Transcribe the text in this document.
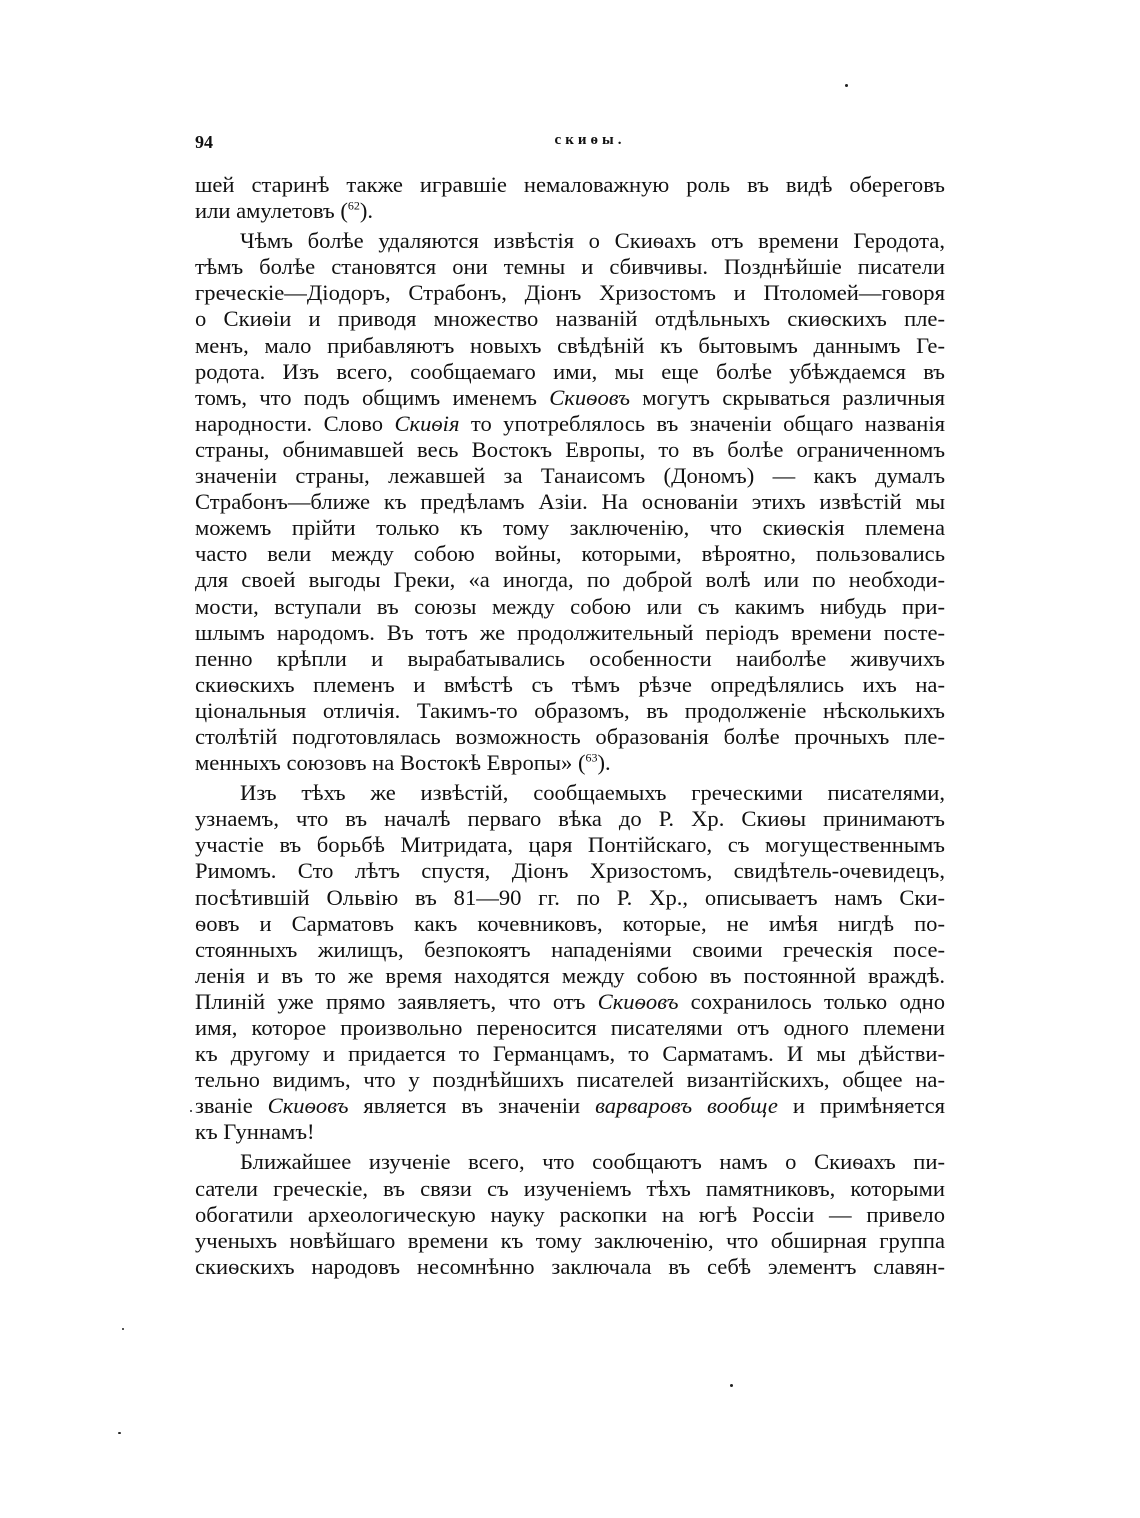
94	скиѳы.
шей старинѣ также игравшіе немаловажную роль въ видѣ обереговъ
или амулетовъ ($^{62}$).
Чѣмъ болѣе удаляются извѣстія о Скиѳахъ отъ времени Геродота,
тѣмъ болѣе становятся они темны и сбивчивы. Позднѣйшіе писатели
греческіе—Діодоръ, Страбонъ, Діонъ Хризостомъ и Птоломей—говоря
о Скиѳіи и приводя множество названій отдѣльныхъ скиѳскихъ пле-
менъ, мало прибавляютъ новыхъ свѣдѣній къ бытовымъ даннымъ Ге-
родота. Изъ всего, сообщаемаго ими, мы еще болѣе убѣждаемся въ
томъ, что подъ общимъ именемъ Скиѳовъ могутъ скрываться различныя
народности. Слово Скиѳія то употреблялось въ значеніи общаго названія
страны, обнимавшей весь Востокъ Европы, то въ болѣе ограниченномъ
значеніи страны, лежавшей за Танаисомъ (Дономъ) — какъ думалъ
Страбонъ—ближе къ предѣламъ Азіи. На основаніи этихъ извѣстій мы
можемъ прійти только къ тому заключенію, что скиѳскія племена
часто вели между собою войны, которыми, вѣроятно, пользовались
для своей выгоды Греки, «а иногда, по доброй волѣ или по необходи-
мости, вступали въ союзы между собою или съ какимъ нибудь при-
шлымъ народомъ. Въ тотъ же продолжительный періодъ времени посте-
пенно крѣпли и вырабатывались особенности наиболѣе живучихъ
скиѳскихъ племенъ и вмѣстѣ съ тѣмъ рѣзче опредѣлялись ихъ на-
ціональныя отличія. Такимъ-то образомъ, въ продолженіе нѣсколькихъ
столѣтій подготовлялась возможность образованія болѣе прочныхъ пле-
менныхъ союзовъ на Востокѣ Европы» ($^{63}$).
Изъ тѣхъ же извѣстій, сообщаемыхъ греческими писателями,
узнаемъ, что въ началѣ перваго вѣка до Р. Хр. Скиѳы принимаютъ
участіе въ борьбѣ Митридата, царя Понтійскаго, съ могущественнымъ
Римомъ. Сто лѣтъ спустя, Діонъ Хризостомъ, свидѣтель-очевидецъ,
посѣтившій Ольвію въ 81—90 гг. по Р. Хр., описываетъ намъ Ски-
ѳовъ и Сарматовъ какъ кочевниковъ, которые, не имѣя нигдѣ по-
стоянныхъ жилищъ, безпокоятъ нападеніями своими греческія посе-
ленія и въ то же время находятся между собою въ постоянной враждѣ.
Плиній уже прямо заявляетъ, что отъ Скиѳовъ сохранилось только одно
имя, которое произвольно переносится писателями отъ одного племени
къ другому и придается то Германцамъ, то Сарматамъ. И мы дѣйстви-
тельно видимъ, что у позднѣйшихъ писателей византійскихъ, общее на-
званіе Скиѳовъ является въ значеніи варваровъ вообще и примѣняется
къ Гуннамъ!
Ближайшее изученіе всего, что сообщаютъ намъ о Скиѳахъ пи-
сатели греческіе, въ связи съ изученіемъ тѣхъ памятниковъ, которыми
обогатили археологическую науку раскопки на югѣ Россіи — привело
ученыхъ новѣйшаго времени къ тому заключенію, что обширная группа
скиѳскихъ народовъ несомнѣнно заключала въ себѣ элементъ славян-
